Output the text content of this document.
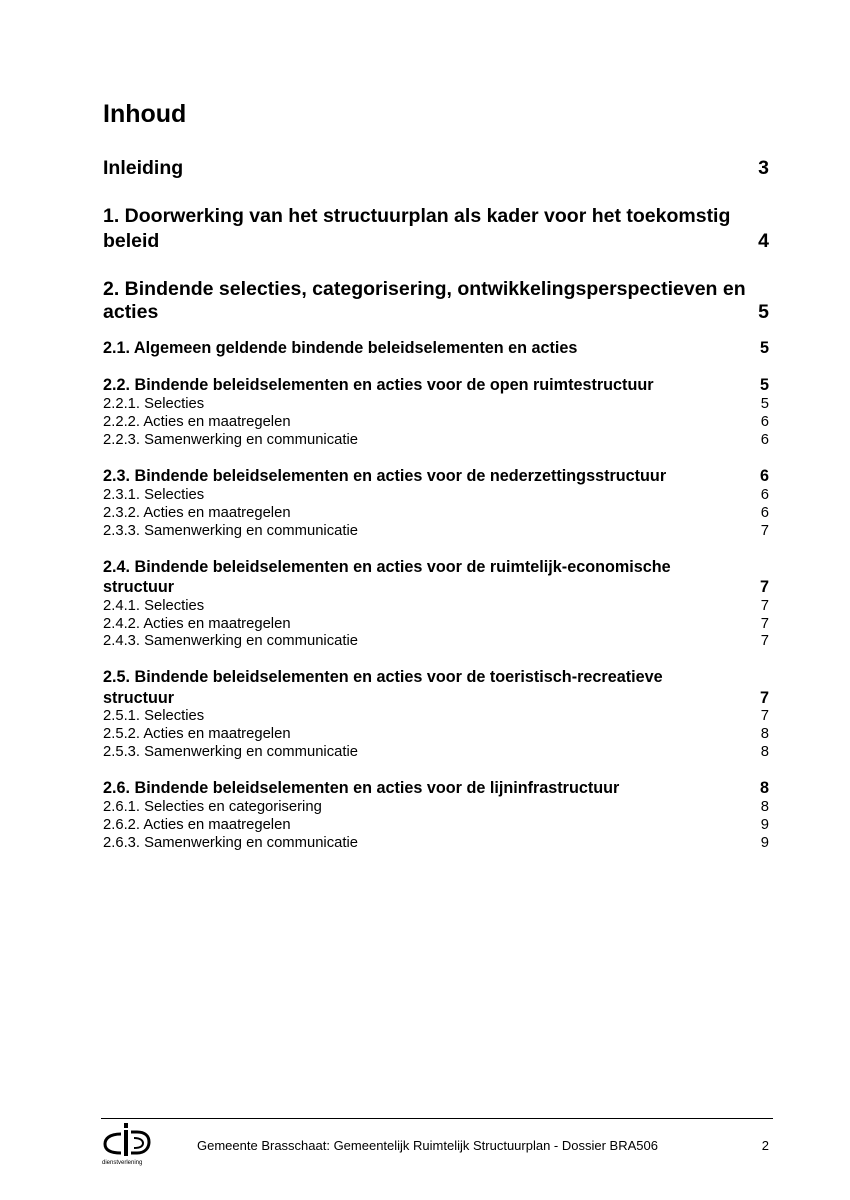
Inhoud
Inleiding	3
1. Doorwerking van het structuurplan als kader voor het toekomstig
beleid	4
2. Bindende selecties, categorisering, ontwikkelingsperspectieven en
acties	5
2.1. Algemeen geldende bindende beleidselementen en acties	5
2.2. Bindende beleidselementen en acties voor de open ruimtestructuur	5
2.2.1. Selecties	5
2.2.2. Acties en maatregelen	6
2.2.3. Samenwerking en communicatie	6
2.3. Bindende beleidselementen en acties voor de nederzettingsstructuur	6
2.3.1. Selecties	6
2.3.2. Acties en maatregelen	6
2.3.3. Samenwerking en communicatie	7
2.4. Bindende beleidselementen en acties voor de ruimtelijk-economische
structuur	7
2.4.1. Selecties	7
2.4.2. Acties en maatregelen	7
2.4.3. Samenwerking en communicatie	7
2.5. Bindende beleidselementen en acties voor de toeristisch-recreatieve
structuur	7
2.5.1. Selecties	7
2.5.2. Acties en maatregelen	8
2.5.3. Samenwerking en communicatie	8
2.6. Bindende beleidselementen en acties voor de lijninfrastructuur	8
2.6.1. Selecties en categorisering	8
2.6.2. Acties en maatregelen	9
2.6.3. Samenwerking en communicatie	9
dienstverlening
Gemeente Brasschaat: Gemeentelijk Ruimtelijk Structuurplan - Dossier BRA506	2
